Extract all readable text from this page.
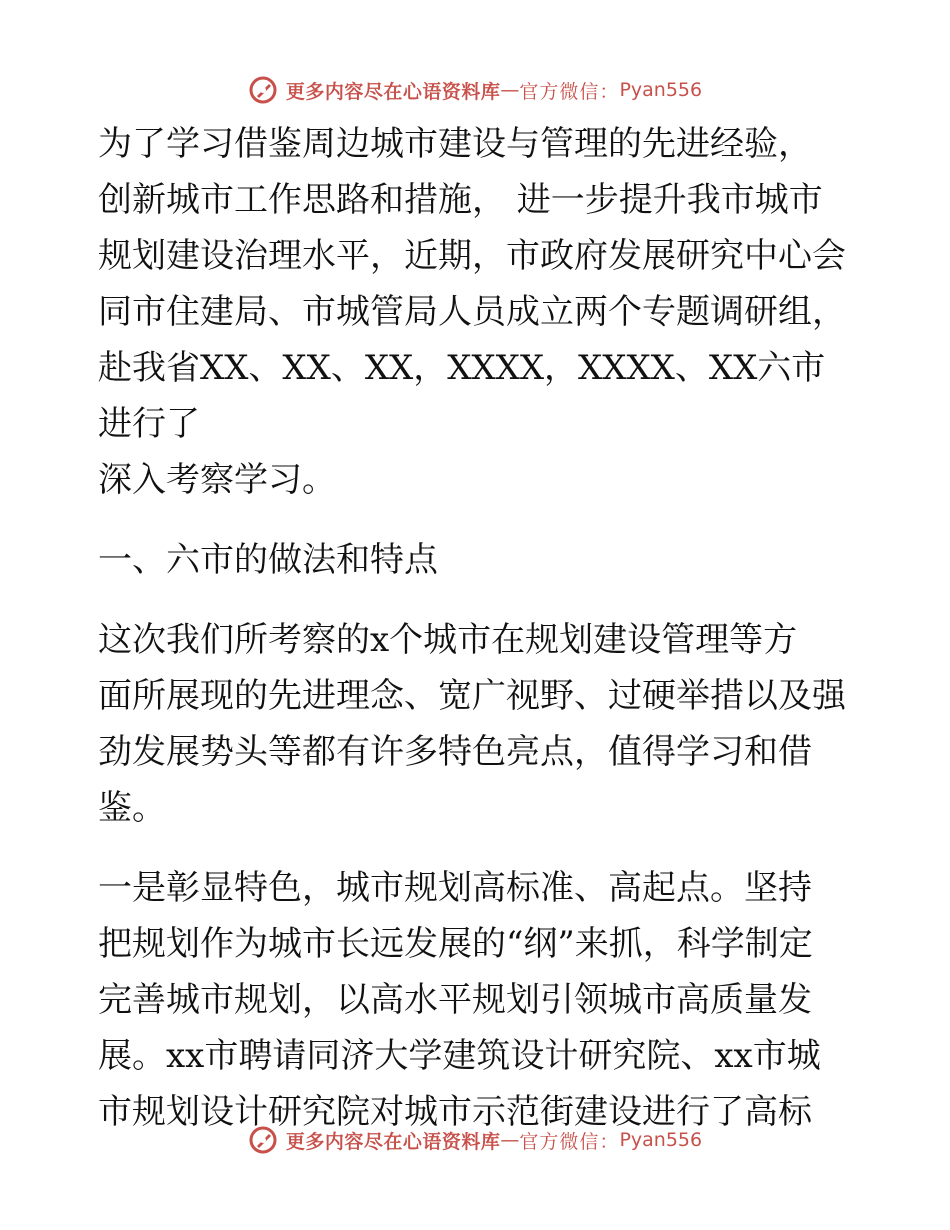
更多内容尽在心语资料库 — 官方微信： Pyan556

为了学习借鉴周边城市建设与管理的先进经验，
创新城市工作思路和措施， 进一步提升我市城市
规划建设治理水平，近期，市政府发展研究中心会
同市住建局、市城管局人员成立两个专题调研组，
赴我省XX、XX、XX，XXXX，XXXX、XX六市进行了
深入考察学习。

一、六市的做法和特点

这次我们所考察的x个城市在规划建设管理等方
面所展现的先进理念、宽广视野、过硬举措以及强
劲发展势头等都有许多特色亮点，值得学习和借
鉴。

一是彰显特色，城市规划高标准、高起点。坚持
把规划作为城市长远发展的“纲”来抓，科学制定
完善城市规划，以高水平规划引领城市高质量发
展。xx市聘请同济大学建筑设计研究院、xx市城
市规划设计研究院对城市示范街建设进行了高标

更多内容尽在心语资料库 — 官方微信： Pyan556
